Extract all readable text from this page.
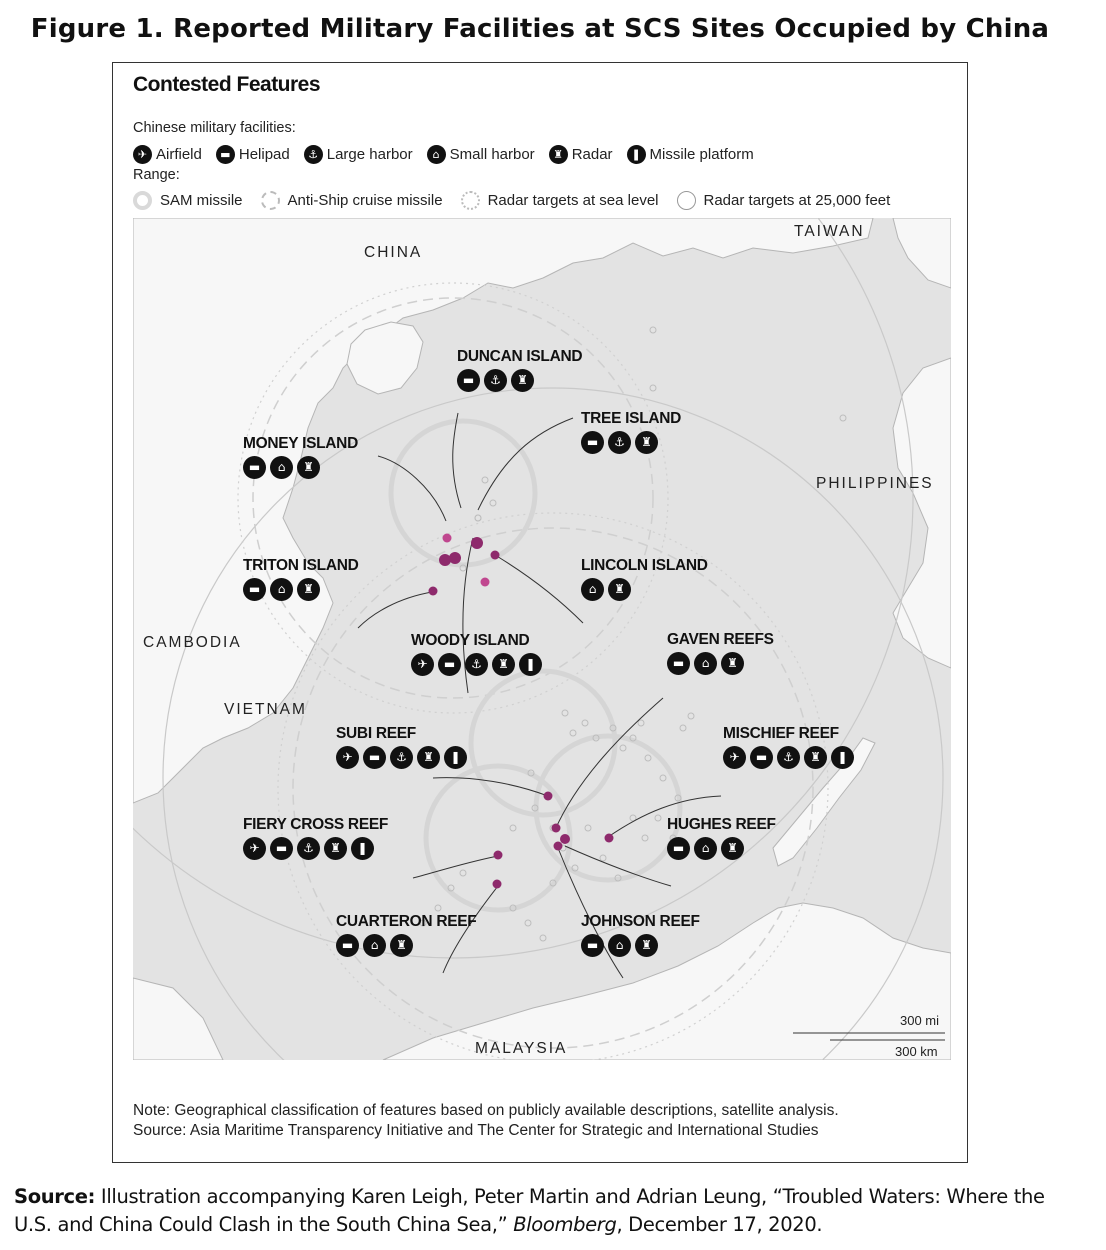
Figure 1. Reported Military Facilities at SCS Sites Occupied by China
Contested Features
Chinese military facilities:
✈ Airfield	▬ Helipad	⚓ Large harbor	⌂ Small harbor	♜ Radar	❚ Missile platform
Range:
SAM missile	Anti-Ship cruise missile	Radar targets at sea level	Radar targets at 25,000 feet
CHINA
TAIWAN
PHILIPPINES
CAMBODIA
VIETNAM
MALAYSIA
DUNCAN ISLAND
▬	⚓	♜
TREE ISLAND
▬	⚓	♜
MONEY ISLAND
▬	⌂	♜
TRITON ISLAND
▬	⌂	♜
LINCOLN ISLAND
⌂	♜
WOODY ISLAND
✈	▬	⚓	♜	❚
GAVEN REEFS
▬	⌂	♜
SUBI REEF
✈	▬	⚓	♜	❚
MISCHIEF REEF
✈	▬	⚓	♜	❚
FIERY CROSS REEF
✈	▬	⚓	♜	❚
HUGHES REEF
▬	⌂	♜
CUARTERON REEF
▬	⌂	♜
JOHNSON REEF
▬	⌂	♜
300 mi
300 km
Note: Geographical classification of features based on publicly available descriptions, satellite analysis.
Source: Asia Maritime Transparency Initiative and The Center for Strategic and International Studies
Source: Illustration accompanying Karen Leigh, Peter Martin and Adrian Leung, “Troubled Waters: Where the
U.S. and China Could Clash in the South China Sea,” Bloomberg, December 17, 2020.
